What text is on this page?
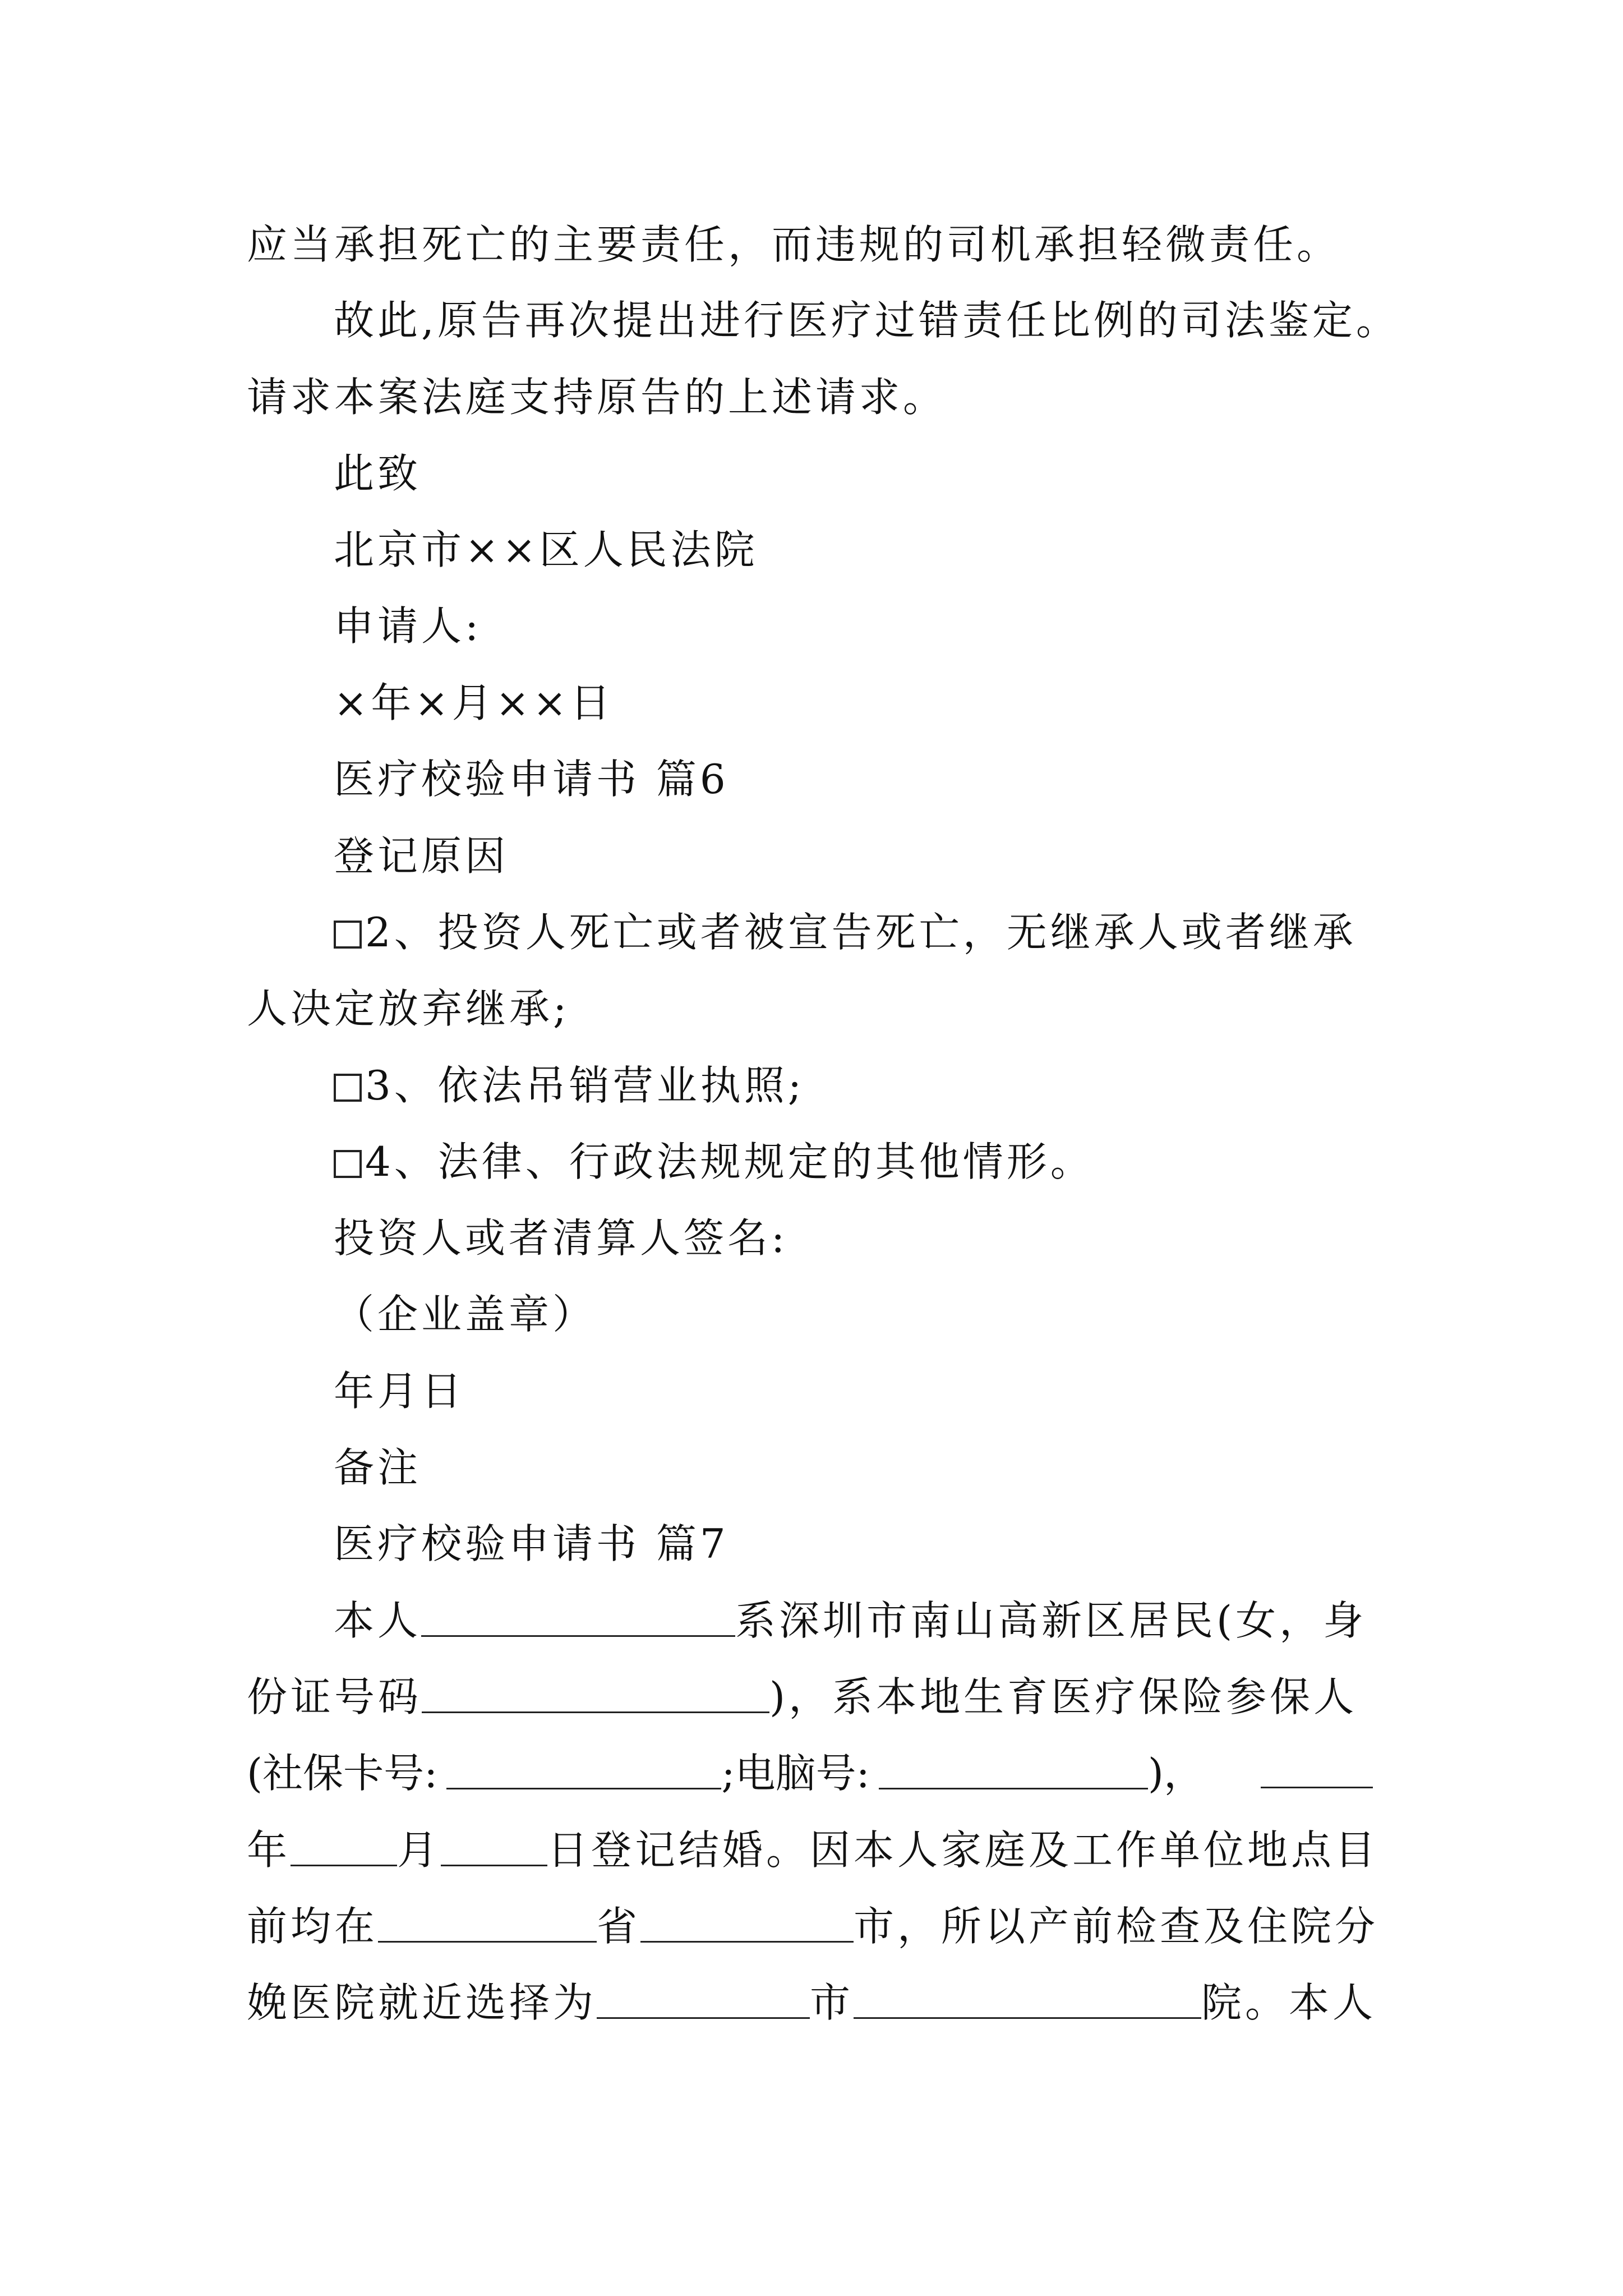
应当承担死亡的主要责任，而违规的司机承担轻微责任。
故此,原告再次提出进行医疗过错责任比例的司法鉴定。
请求本案法庭支持原告的上述请求。
此致
北京市××区人民法院
申请人:
×年×月××日
医疗校验申请书 篇6
登记原因
2、投资人死亡或者被宣告死亡，无继承人或者继承
人决定放弃继承;
3、依法吊销营业执照;
4、法律、行政法规规定的其他情形。
投资人或者清算人签名:
（企业盖章）
年月日
备注
医疗校验申请书 篇7
本人	系深圳市南山高新区居民(女，身
份证号码	)，系本地生育医疗保险参保人
(社保卡号:	;电脑号:	)，
年	月	日登记结婚。因本人家庭及工作单位地点目
前均在	省	市，所以产前检查及住院分
娩医院就近选择为	市	院。本人
